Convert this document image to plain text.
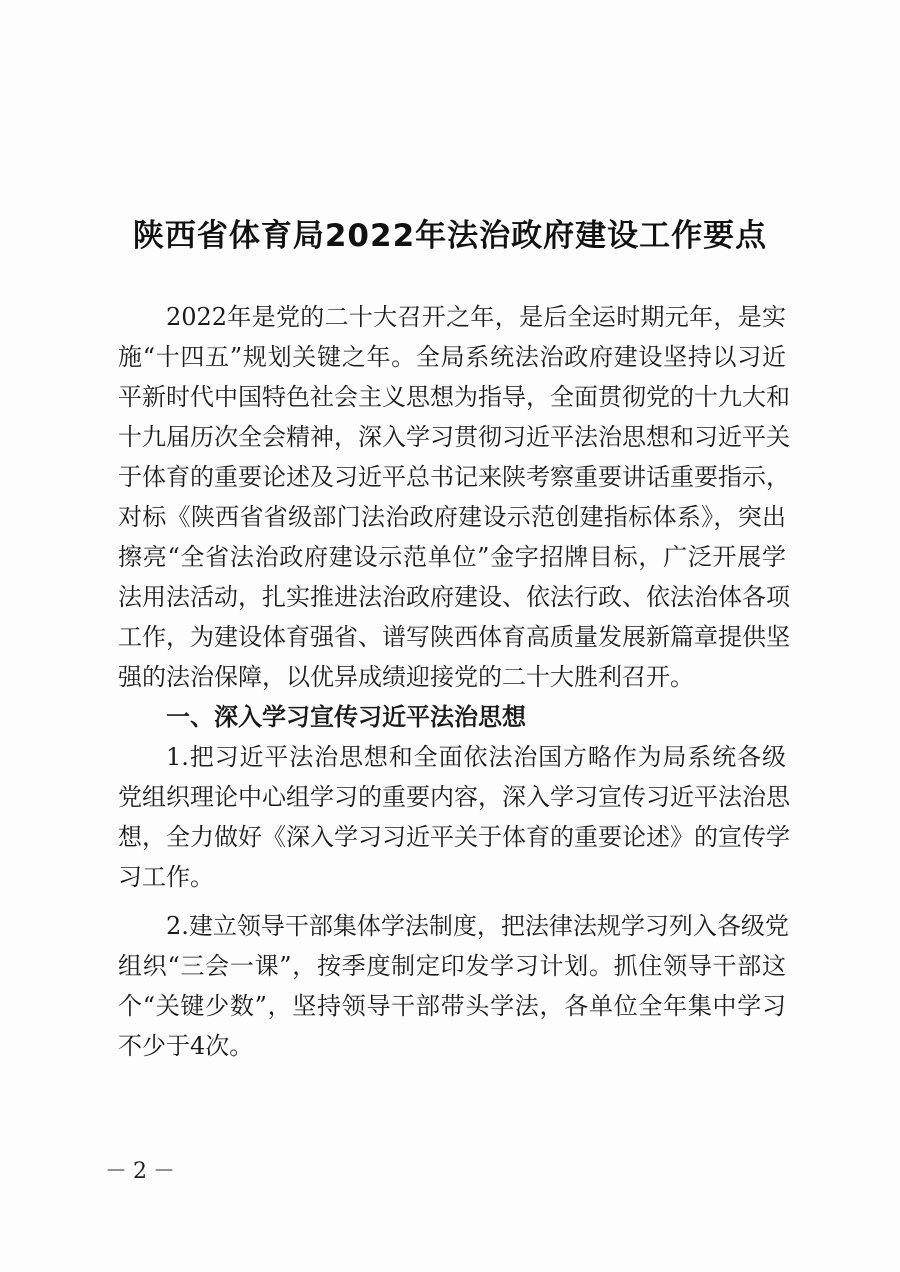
陕西省体育局2022年法治政府建设工作要点
2022年是党的二十大召开之年，是后全运时期元年，是实
施“十四五”规划关键之年。全局系统法治政府建设坚持以习近
平新时代中国特色社会主义思想为指导，全面贯彻党的十九大和
十九届历次全会精神，深入学习贯彻习近平法治思想和习近平关
于体育的重要论述及习近平总书记来陕考察重要讲话重要指示，
对标《陕西省省级部门法治政府建设示范创建指标体系》，突出
擦亮“全省法治政府建设示范单位”金字招牌目标，广泛开展学
法用法活动，扎实推进法治政府建设、依法行政、依法治体各项
工作，为建设体育强省、谱写陕西体育高质量发展新篇章提供坚
强的法治保障，以优异成绩迎接党的二十大胜利召开。
一、深入学习宣传习近平法治思想
1.把习近平法治思想和全面依法治国方略作为局系统各级
党组织理论中心组学习的重要内容，深入学习宣传习近平法治思
想，全力做好《深入学习习近平关于体育的重要论述》的宣传学
习工作。
2.建立领导干部集体学法制度，把法律法规学习列入各级党
组织“三会一课”，按季度制定印发学习计划。抓住领导干部这
个“关键少数”，坚持领导干部带头学法，各单位全年集中学习
不少于4次。
－2－
